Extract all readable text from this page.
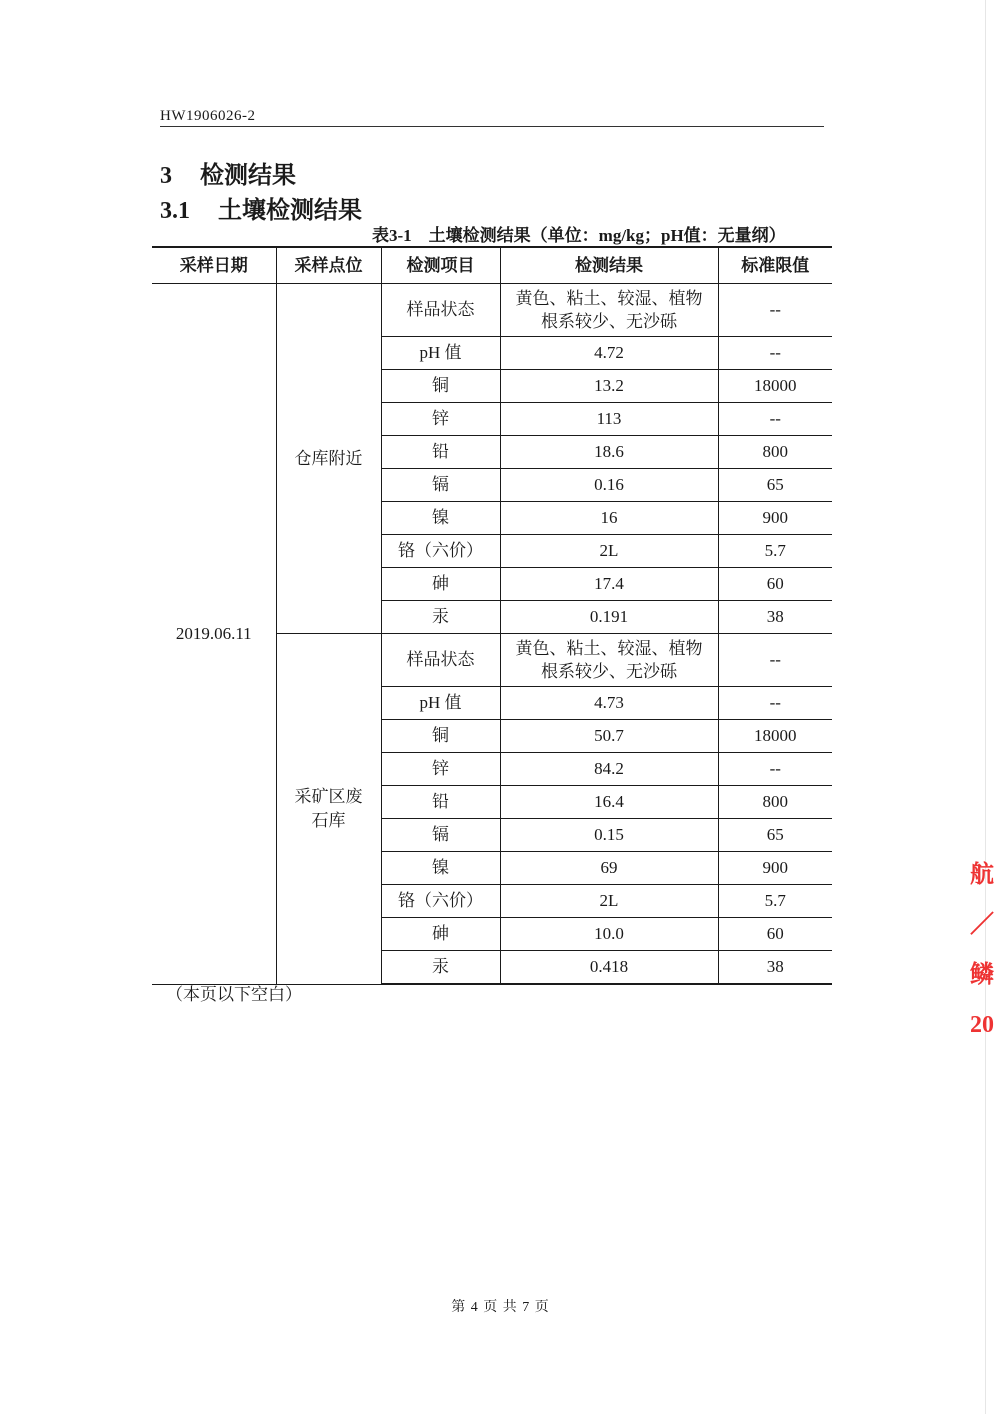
HW1906026-2
3 检测结果
3.1 土壤检测结果
表3-1　土壤检测结果（单位：mg/kg；pH值：无量纲）
采样日期	采样点位	检测项目	检测结果	标准限值
2019.06.11	仓库附近	样品状态	黄色、粘土、较湿、植物根系较少、无沙砾	--
		pH 值	4.72	--
		铜	13.2	18000
		锌	113	--
		铅	18.6	800
		镉	0.16	65
		镍	16	900
		铬（六价）	2L	5.7
		砷	17.4	60
		汞	0.191	38
	采矿区废石库	样品状态	黄色、粘土、较湿、植物根系较少、无沙砾	--
		pH 值	4.73	--
		铜	50.7	18000
		锌	84.2	--
		铅	16.4	800
		镉	0.15	65
		镍	69	900
		铬（六价）	2L	5.7
		砷	10.0	60
		汞	0.418	38
（本页以下空白）
第 4 页 共 7 页
航 ／ 鳞 20
